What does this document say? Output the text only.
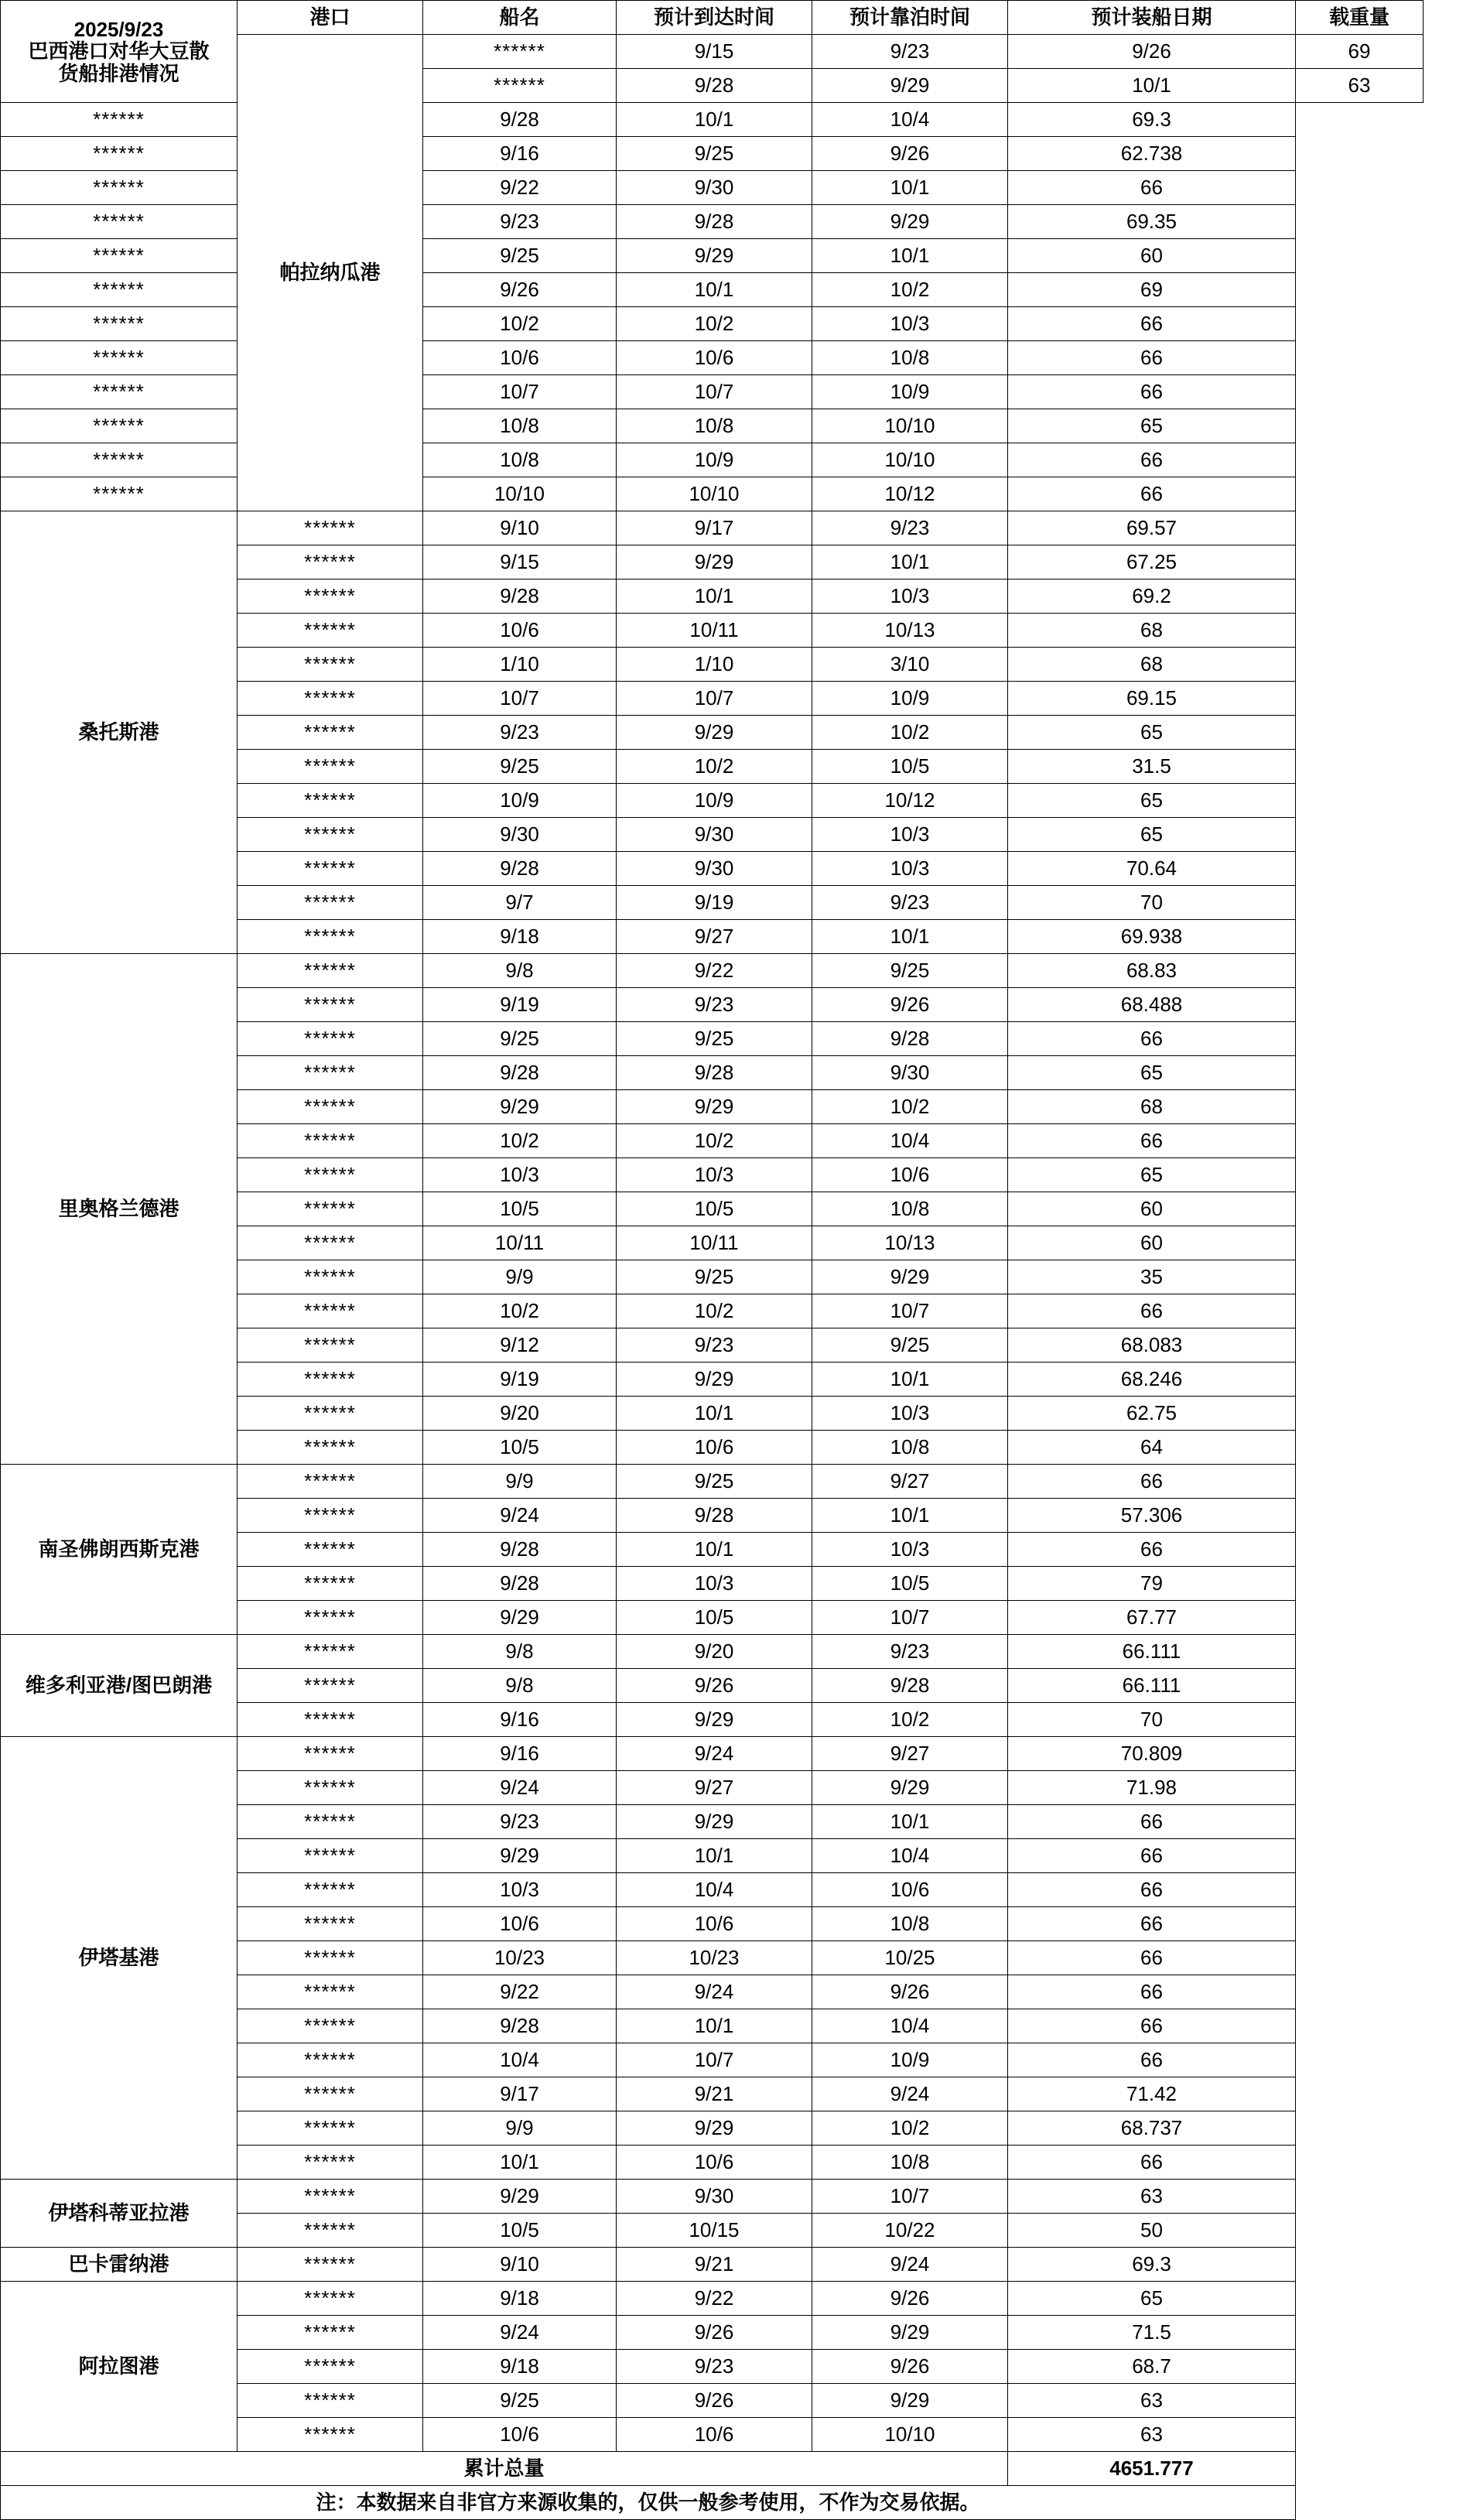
2025/9/23
巴西港口对华大豆散
货船排港情况	港口	船名	预计到达时间	预计靠泊时间	预计装船日期	载重量
	帕拉纳瓜港	******	9/15	9/23	9/26	69
		******	9/28	9/29	10/1	63
******		9/28	10/1	10/4	69.3	
******		9/16	9/25	9/26	62.738	
******		9/22	9/30	10/1	66	
******		9/23	9/28	9/29	69.35	
******		9/25	9/29	10/1	60	
******		9/26	10/1	10/2	69	
******		10/2	10/2	10/3	66	
******		10/6	10/6	10/8	66	
******		10/7	10/7	10/9	66	
******		10/8	10/8	10/10	65	
******		10/8	10/9	10/10	66	
******		10/10	10/10	10/12	66	
桑托斯港	******	9/10	9/17	9/23	69.57	
	******	9/15	9/29	10/1	67.25	
	******	9/28	10/1	10/3	69.2	
	******	10/6	10/11	10/13	68	
	******	1/10	1/10	3/10	68	
	******	10/7	10/7	10/9	69.15	
	******	9/23	9/29	10/2	65	
	******	9/25	10/2	10/5	31.5	
	******	10/9	10/9	10/12	65	
	******	9/30	9/30	10/3	65	
	******	9/28	9/30	10/3	70.64	
	******	9/7	9/19	9/23	70	
	******	9/18	9/27	10/1	69.938	
里奥格兰德港	******	9/8	9/22	9/25	68.83	
	******	9/19	9/23	9/26	68.488	
	******	9/25	9/25	9/28	66	
	******	9/28	9/28	9/30	65	
	******	9/29	9/29	10/2	68	
	******	10/2	10/2	10/4	66	
	******	10/3	10/3	10/6	65	
	******	10/5	10/5	10/8	60	
	******	10/11	10/11	10/13	60	
	******	9/9	9/25	9/29	35	
	******	10/2	10/2	10/7	66	
	******	9/12	9/23	9/25	68.083	
	******	9/19	9/29	10/1	68.246	
	******	9/20	10/1	10/3	62.75	
	******	10/5	10/6	10/8	64	
南圣佛朗西斯克港	******	9/9	9/25	9/27	66	
	******	9/24	9/28	10/1	57.306	
	******	9/28	10/1	10/3	66	
	******	9/28	10/3	10/5	79	
	******	9/29	10/5	10/7	67.77	
维多利亚港/图巴朗港	******	9/8	9/20	9/23	66.111	
	******	9/8	9/26	9/28	66.111	
	******	9/16	9/29	10/2	70	
伊塔基港	******	9/16	9/24	9/27	70.809	
	******	9/24	9/27	9/29	71.98	
	******	9/23	9/29	10/1	66	
	******	9/29	10/1	10/4	66	
	******	10/3	10/4	10/6	66	
	******	10/6	10/6	10/8	66	
	******	10/23	10/23	10/25	66	
	******	9/22	9/24	9/26	66	
	******	9/28	10/1	10/4	66	
	******	10/4	10/7	10/9	66	
	******	9/17	9/21	9/24	71.42	
	******	9/9	9/29	10/2	68.737	
	******	10/1	10/6	10/8	66	
伊塔科蒂亚拉港	******	9/29	9/30	10/7	63	
	******	10/5	10/15	10/22	50	
巴卡雷纳港	******	9/10	9/21	9/24	69.3	
阿拉图港	******	9/18	9/22	9/26	65	
	******	9/24	9/26	9/29	71.5	
	******	9/18	9/23	9/26	68.7	
	******	9/25	9/26	9/29	63	
	******	10/6	10/6	10/10	63	
累计总量					4651.777	
注：本数据来自非官方来源收集的，仅供一般参考使用，不作为交易依据。						
